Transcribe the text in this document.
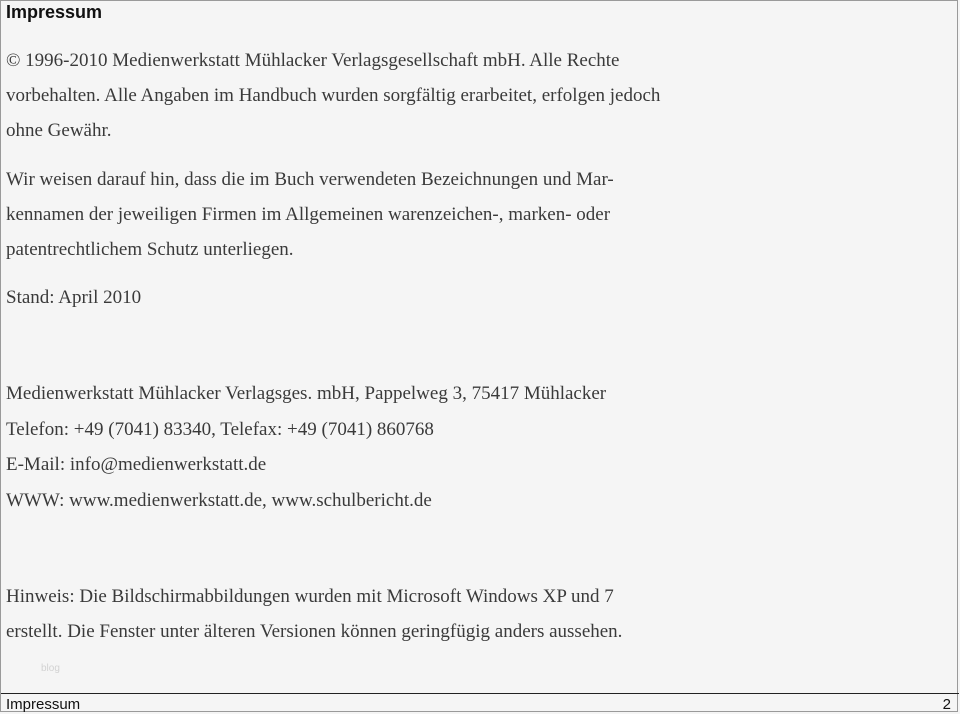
Impressum

© 1996-2010 Medienwerkstatt Mühlacker Verlagsgesellschaft mbH. Alle Rechte vorbehalten. Alle Angaben im Handbuch wurden sorgfältig erarbeitet, erfolgen jedoch ohne Gewähr.

Wir weisen darauf hin, dass die im Buch verwendeten Bezeichnungen und Mar-kennamen der jeweiligen Firmen im Allgemeinen warenzeichen-, marken- oder patentrechtlichem Schutz unterliegen.

Stand: April 2010

Medienwerkstatt Mühlacker Verlagsges. mbH, Pappelweg 3, 75417 Mühlacker
Telefon: +49 (7041) 83340, Telefax: +49 (7041) 860768
E-Mail: info@medienwerkstatt.de
WWW: www.medienwerkstatt.de, www.schulbericht.de

Hinweis: Die Bildschirmabbildungen wurden mit Microsoft Windows XP und 7 erstellt. Die Fenster unter älteren Versionen können geringfügig anders aussehen.

blog
Impressum	2
